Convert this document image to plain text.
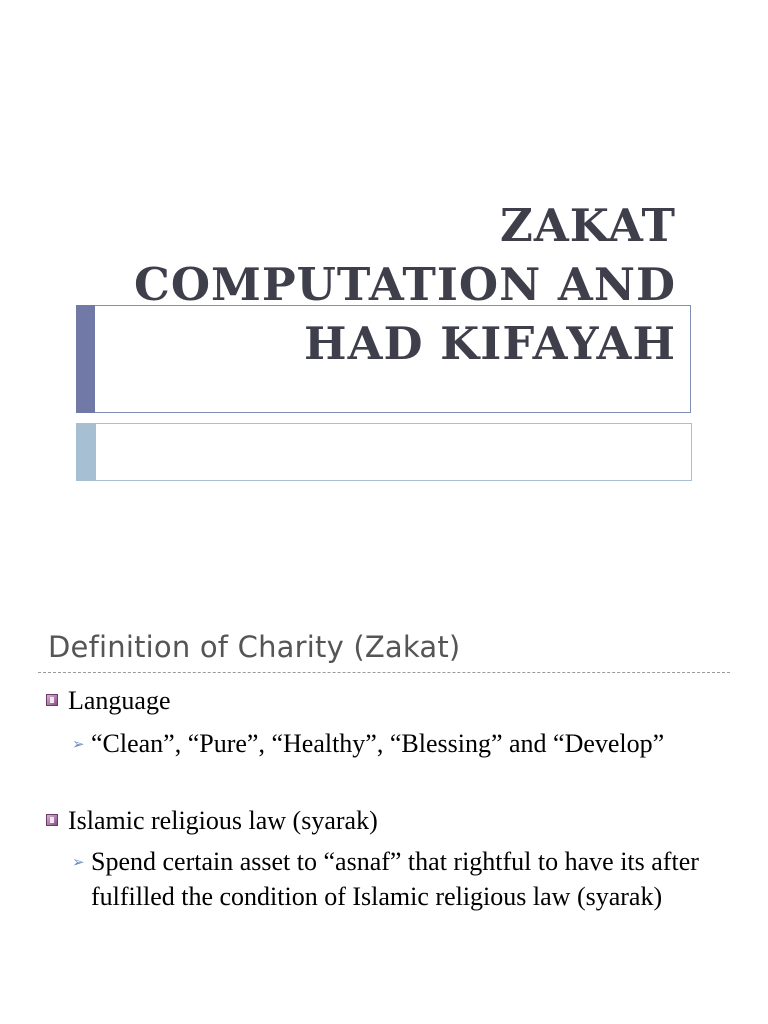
ZAKAT
COMPUTATION AND
HAD KIFAYAH
Definition of Charity (Zakat)
Language
➢ “Clean”, “Pure”, “Healthy”, “Blessing” and “Develop”
Islamic religious law (syarak)
➢ Spend certain asset to “asnaf” that rightful to have its after fulfilled the condition of Islamic religious law (syarak)
